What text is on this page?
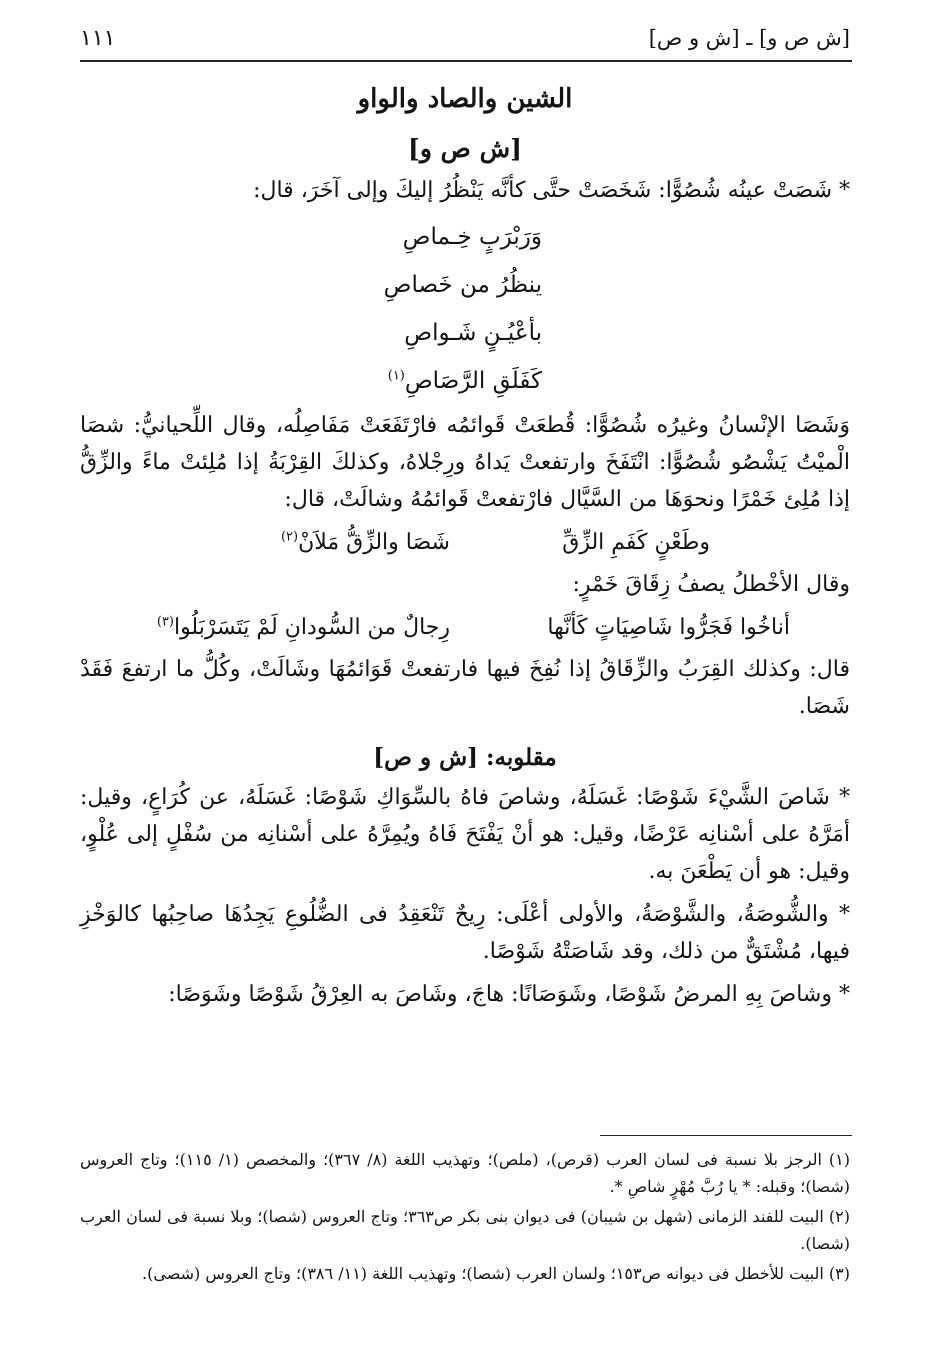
[ش ص و] ـ [ش و ص]
١١١
الشين والصاد والواو
[ش ص و]

* شَصَتْ عينُه شُصُوًّا: شَخَصَتْ حتَّى كأنَّه يَنْظُرُ إليكَ وإلى آخَرَ، قال:

وَرَبْرَبٍ خِـماصِ
ينظُرُ من خَصاصِ
بأعْيُـنٍ شَـواصِ
كَفَلَقِ الرَّصَاصِ$^{(١)}$

وَشَصَا الإنْسانُ وغيرُه شُصُوًّا: قُطعَتْ قَوائمُه فارْتَفَعَتْ مَفَاصِلُه، وقال اللِّحيانيُّ: شصَا الْميْتُ يَشْصُو شُصُوًّا: انْتَفَخَ وارتفعتْ يَداهُ ورِجْلاهُ، وكذلكَ القِرْبَةُ إذا مُلِئتْ ماءً والزِّقُّ إذا مُلِئ خَمْرًا ونحوَهَا من السَّيَّال فارْتفعتْ قَوائمُهُ وشالَتْ، قال:

وطَعْنٍ كَفَمِ الزِّقِّ
شَصَا والزِّقُّ مَلاَنْ$^{(٢)}$

وقال الأخْطلُ يصفُ زِقَاقَ خَمْرٍ:

أناخُوا فَجَرُّوا شَاصِيَاتٍ كَأنَّها
رِجالٌ من السُّودانِ لَمْ يَتَسَرْبَلُوا$^{(٣)}$

قال: وكذلك القِرَبُ والزِّقَاقُ إذا نُفِخَ فيها فارتفعتْ قَوَائمُهَا وشَالَتْ، وكُلُّ ما ارتفعَ فَقَدْ شَصَا.

مقلوبه: [ش و ص]

* شَاصَ الشَّيْءَ شَوْصًا: غَسَلَهُ، وشاصَ فاهُ بالسِّوَاكِ شَوْصًا: غَسَلَهُ، عن كُرَاعٍ، وقيل: أمَرَّهُ على أسْنانِه عَرْضًا، وقيل: هو أنْ يَفْتَحَ فَاهُ ويُمِرَّهُ على أسْنانِه من سُفْلٍ إلى عُلْوٍ، وقيل: هو أن يَطْعَنَ به.

* والشُّوصَةُ، والشَّوْصَةُ، والأولى أعْلَى: رِيحٌ تَنْعَقِدُ فى الضُّلُوعِ يَجِدُهَا صاحِبُها كالوَخْزِ فيها، مُشْتَقٌّ من ذلك، وقد شَاصَتْهُ شَوْصًا.

* وشاصَ بِهِ المرضُ شَوْصًا، وشَوَصَانًا: هاجَ، وشَاصَ به العِرْقُ شَوْصًا وشَوَصًا:

(١) الرجز بلا نسبة فى لسان العرب (قرص)، (ملص)؛ وتهذيب اللغة (٨/ ٣٦٧)؛ والمخصص (١/ ١١٥)؛ وتاج العروس (شصا)؛ وقبله: * يا رُبَّ مُهْرٍ شاصِ *.
(٢) البيت للفند الزمانى (شهل بن شيبان) فى ديوان بنى بكر ص٣٦٣؛ وتاج العروس (شصا)؛ وبلا نسبة فى لسان العرب (شصا).
(٣) البيت للأخطل فى ديوانه ص١٥٣؛ ولسان العرب (شصا)؛ وتهذيب اللغة (١١/ ٣٨٦)؛ وتاج العروس (شصى).
